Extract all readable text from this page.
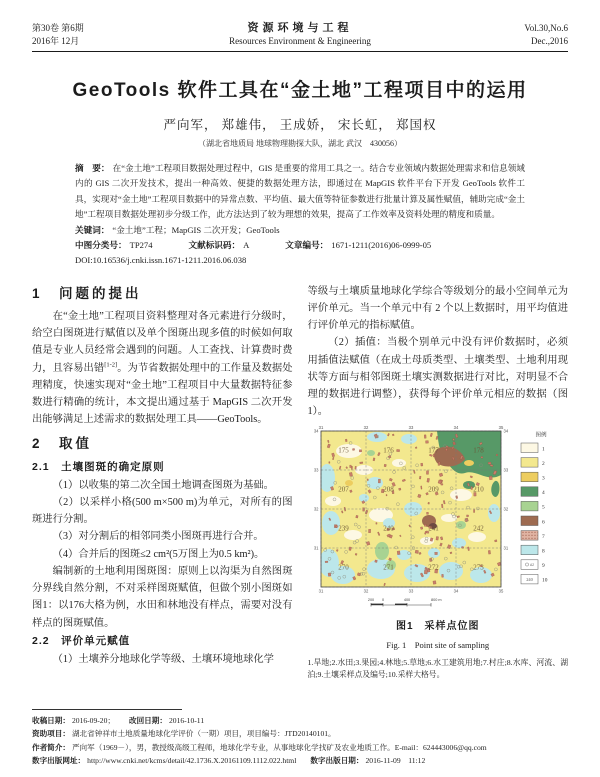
第30卷 第6期
2016年 12月
资源环境与工程
Resources Environment & Engineering
Vol.30,No.6
Dec.,2016
GeoTools 软件工具在“金土地”工程项目中的运用
严向军， 郑雄伟， 王成娇， 宋长虹， 郑国权
（湖北省地质局 地球物理勘探大队，湖北 武汉　430056）

摘　要： 在“金土地”工程项目数据处理过程中，GIS 是重要的常用工具之一。结合专业领域内数据处理需求和信息领域内的 GIS 二次开发技术，提出一种高效、便捷的数据处理方法，即通过在 MapGIS 软件平台下开发 GeoTools 软件工具，实现对“金土地”工程项目数据中的异常点数、平均值、最大值等特征参数进行批量计算及属性赋值，辅助完成“金土地”工程项目数据处理初步分级工作，此方法达到了较为理想的效果，提高了工作效率及资料处理的精度和质量。

关键词： “金土地”工程；MapGIS 二次开发；GeoTools

中图分类号： TP274	文献标识码： A	文章编号： 1671-1211(2016)06-0999-05

DOI:10.16536/j.cnki.issn.1671-1211.2016.06.038

1　问题的提出

在“金土地”工程项目资料整理对各元素进行分级时，给空白图斑进行赋值以及单个图斑出现多值的时候如何取值是专业人员经常会遇到的问题。人工查找、计算费时费力，且容易出错[1-2]。为节省数据处理中的工作量及数据处理精度，快速实现对“金土地”工程项目中大量数据特征参数进行精确的统计，本文提出通过基于 MapGIS 二次开发出能够满足上述需求的数据处理工具——GeoTools。

2　取值
2.1　土壤图斑的确定原则

（1）以收集的第二次全国土地调查图斑为基础。

（2）以采样小格(500 m×500 m)为单元，对所有的图斑进行分割。

（3）对分割后的相邻同类小图斑再进行合并。

（4）合并后的图斑≤2 cm²(5万图上为0.5 km²)。

编制新的土地利用图斑图：原则上以沟渠为自然图斑分界线自然分割，不对采样图斑赋值，但做个别小图斑如图1：以176大格为例，水田和林地没有样点，需要对没有样点的图斑赋值。

2.2　评价单元赋值

（1）土壤养分地球化学等级、土壤环境地球化学

等级与土壤质量地球化学综合等级划分的最小空间单元为评价单元。当一个单元中有 2 个以上数据时，用平均值进行评价单元的指标赋值。

（2）插值：当极个别单元中没有评价数据时，必须用插值法赋值（在成土母质类型、土壤类型、土地利用现状等方面与相邻图斑土壤实测数据进行对比，对明显不合理的数据进行调整），获得每个评价单元相应的数据（图1）。

31	32	33	34	35
31	32	33	34	35
34
33
32
31
34
33
32
31
175	176	177	178
207	208	209	210
239	240	241	242
270	271	272	273
图例
1
2
3
4
5
6
7
8
A2 9
240 10
200 0	400	800 m
图1　采样点位图
Fig. 1　Point site of sampling
1.旱地;2.水田;3.果园;4.林地;5.草地;6.水工建筑用地;7.村庄;8.水库、河流、湖泊;9.土壤采样点及编号;10.采样大格号。
收稿日期： 2016-09-20； 改回日期： 2016-10-11
资助项目： 湖北省钟祥市土地质量地球化学评价（一期）项目，项目编号：JTD20140101。
作者简介： 严向军（1969－），男，教授级高级工程师，地球化学专业，从事地球化学找矿及农业地质工作。E-mail：624443006@qq.com
数字出版网址： http://www.cnki.net/kcms/detail/42.1736.X.20161109.1112.022.html 数字出版日期： 2016-11-09　11:12
